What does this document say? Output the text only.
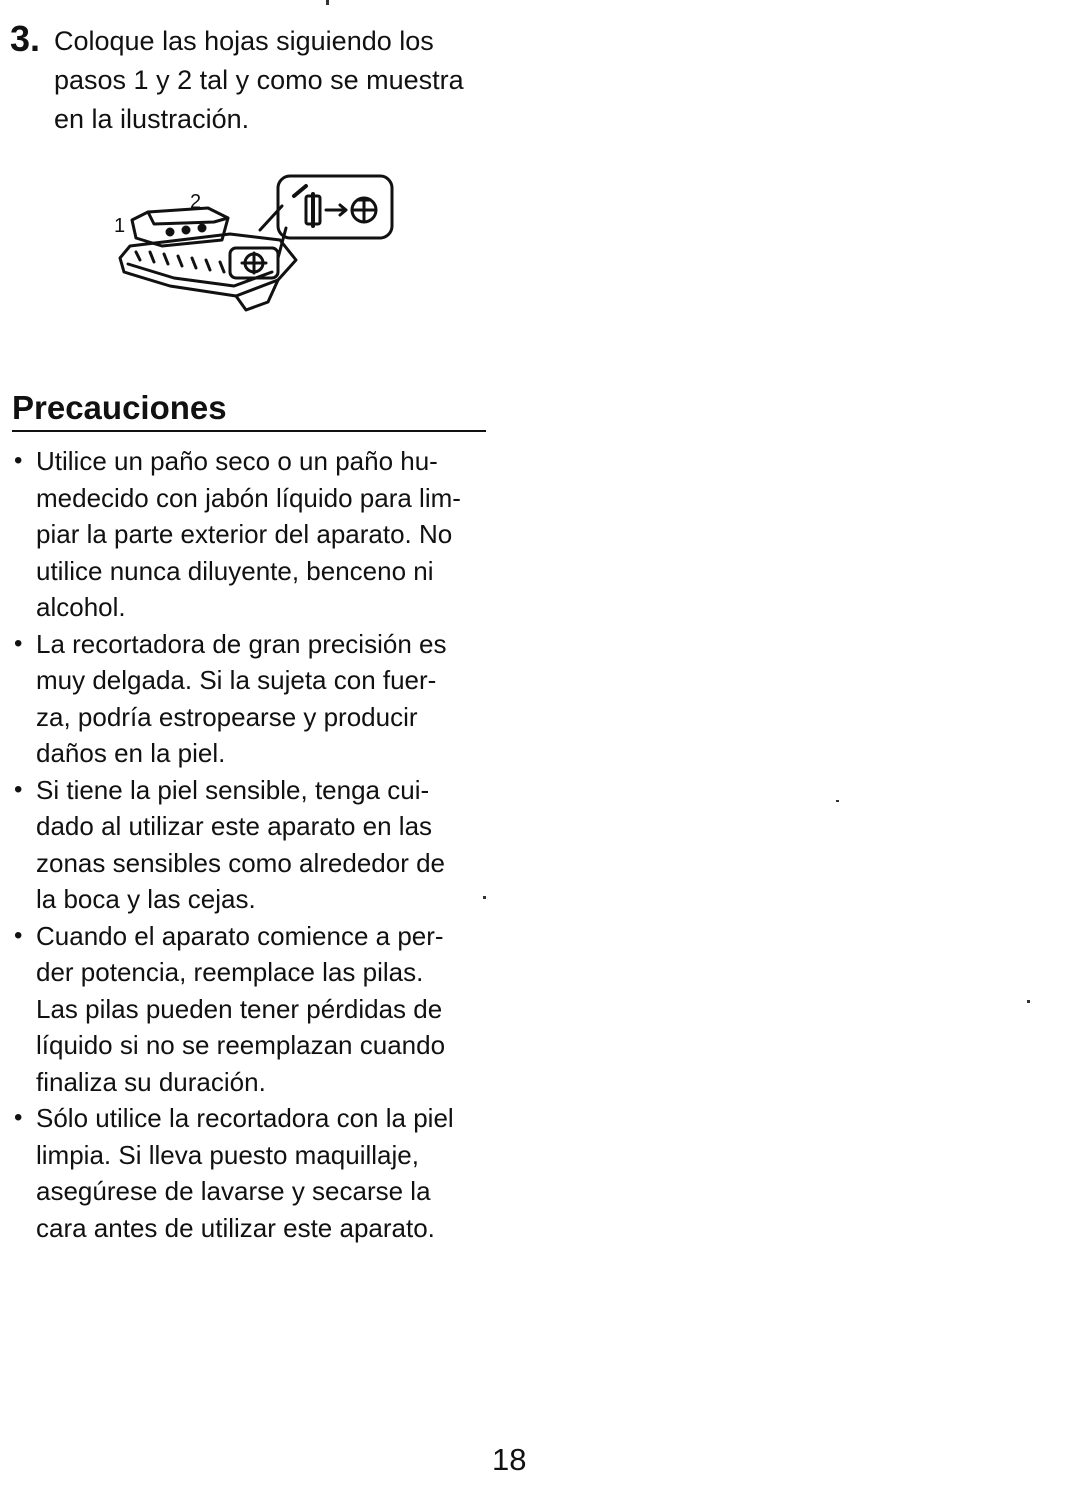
3. Coloque las hojas siguiendo los
pasos 1 y 2 tal y como se muestra
en la ilustración.
1
2
Precauciones
• Utilice un paño seco o un paño hu-
medecido con jabón líquido para lim-
piar la parte exterior del aparato. No
utilice nunca diluyente, benceno ni
alcohol.
• La recortadora de gran precisión es
muy delgada. Si la sujeta con fuer-
za, podría estropearse y producir
daños en la piel.
• Si tiene la piel sensible, tenga cui-
dado al utilizar este aparato en las
zonas sensibles como alrededor de
la boca y las cejas.
• Cuando el aparato comience a per-
der potencia, reemplace las pilas.
Las pilas pueden tener pérdidas de
líquido si no se reemplazan cuando
finaliza su duración.
• Sólo utilice la recortadora con la piel
limpia. Si lleva puesto maquillaje,
asegúrese de lavarse y secarse la
cara antes de utilizar este aparato.
18
